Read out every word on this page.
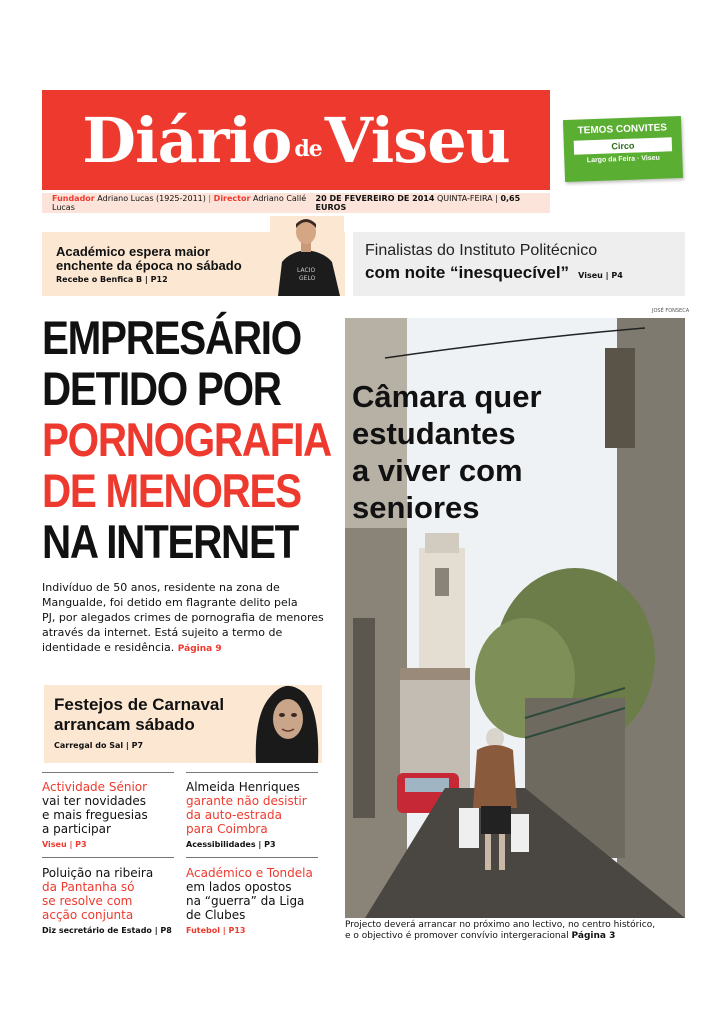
Diário de Viseu
Fundador Adriano Lucas (1925-2011) | Director Adriano Callé Lucas
20 DE FEVEREIRO DE 2014 QUINTA-FEIRA | 0,65 EUROS
TEMOS CONVITES
Circo
Largo da Feira · Viseu
Académico espera maior
enchente da época no sábado
Recebe o Benfica B | P12
LACIO
GELO
Finalistas do Instituto Politécnico
com noite “inesquecível” Viseu | P4
EMPRESÁRIO
DETIDO POR
PORNOGRAFIA
DE MENORES
NA INTERNET
Indivíduo de 50 anos, residente na zona de
Mangualde, foi detido em flagrante delito pela
PJ, por alegados crimes de pornografia de menores
através da internet. Está sujeito a termo de
identidade e residência. Página 9
Festejos de Carnaval
arrancam sábado
Carregal do Sal | P7
Actividade Sénior
vai ter novidades
e mais freguesias
a participar
Viseu | P3
Almeida Henriques
garante não desistir
da auto-estrada
para Coimbra
Acessibilidades | P3
Poluição na ribeira
da Pantanha só
se resolve com
acção conjunta
Diz secretário de Estado | P8
Académico e Tondela
em lados opostos
na “guerra” da Liga
de Clubes
Futebol | P13
JOSÉ FONSECA
Câmara quer
estudantes
a viver com
seniores
Projecto deverá arrancar no próximo ano lectivo, no centro histórico,
e o objectivo é promover convívio intergeracional Página 3
